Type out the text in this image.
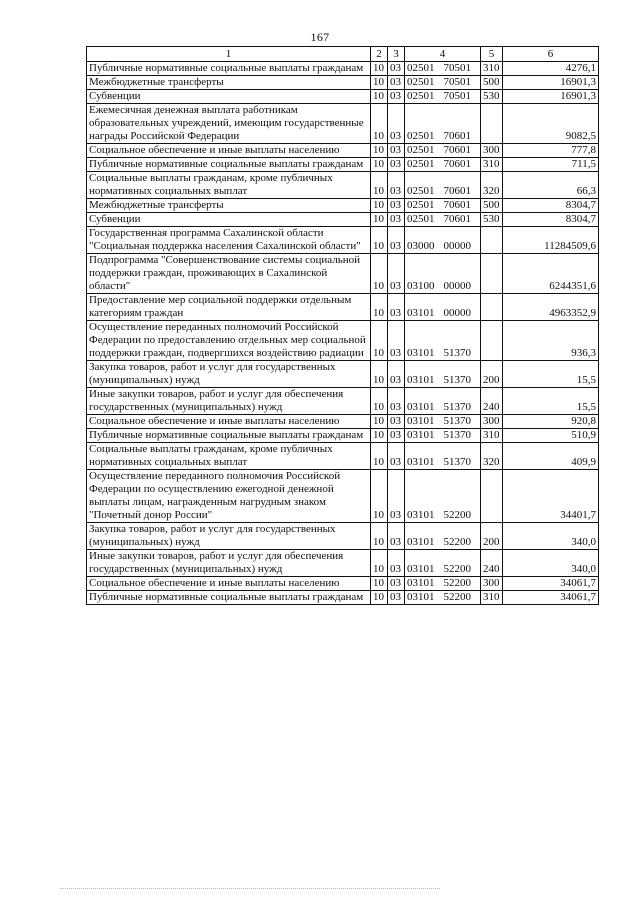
167
1	2	3	4	5	6
Публичные нормативные социальные выплаты гражданам	10	03	02501 70501	310	4276,1
Межбюджетные трансферты	10	03	02501 70501	500	16901,3
Субвенции	10	03	02501 70501	530	16901,3
Ежемесячная денежная выплата работникам образовательных учреждений, имеющим государственные награды Российской Федерации	10	03	02501 70601		9082,5
Социальное обеспечение и иные выплаты населению	10	03	02501 70601	300	777,8
Публичные нормативные социальные выплаты гражданам	10	03	02501 70601	310	711,5
Социальные выплаты гражданам, кроме публичных нормативных социальных выплат	10	03	02501 70601	320	66,3
Межбюджетные трансферты	10	03	02501 70601	500	8304,7
Субвенции	10	03	02501 70601	530	8304,7
Государственная программа Сахалинской области "Социальная поддержка населения Сахалинской области"	10	03	03000 00000		11284509,6
Подпрограмма "Совершенствование системы социальной поддержки граждан, проживающих в Сахалинской области"	10	03	03100 00000		6244351,6
Предоставление мер социальной поддержки отдельным категориям граждан	10	03	03101 00000		4963352,9
Осуществление переданных полномочий Российской Федерации по предоставлению отдельных мер социальной поддержки граждан, подвергшихся воздействию радиации	10	03	03101 51370		936,3
Закупка товаров, работ и услуг для государственных (муниципальных) нужд	10	03	03101 51370	200	15,5
Иные закупки товаров, работ и услуг для обеспечения государственных (муниципальных) нужд	10	03	03101 51370	240	15,5
Социальное обеспечение и иные выплаты населению	10	03	03101 51370	300	920,8
Публичные нормативные социальные выплаты гражданам	10	03	03101 51370	310	510,9
Социальные выплаты гражданам, кроме публичных нормативных социальных выплат	10	03	03101 51370	320	409,9
Осуществление переданного полномочия Российской Федерации по осуществлению ежегодной денежной выплаты лицам, награжденным нагрудным знаком "Почетный донор России"	10	03	03101 52200		34401,7
Закупка товаров, работ и услуг для государственных (муниципальных) нужд	10	03	03101 52200	200	340,0
Иные закупки товаров, работ и услуг для обеспечения государственных (муниципальных) нужд	10	03	03101 52200	240	340,0
Социальное обеспечение и иные выплаты населению	10	03	03101 52200	300	34061,7
Публичные нормативные социальные выплаты гражданам	10	03	03101 52200	310	34061,7
